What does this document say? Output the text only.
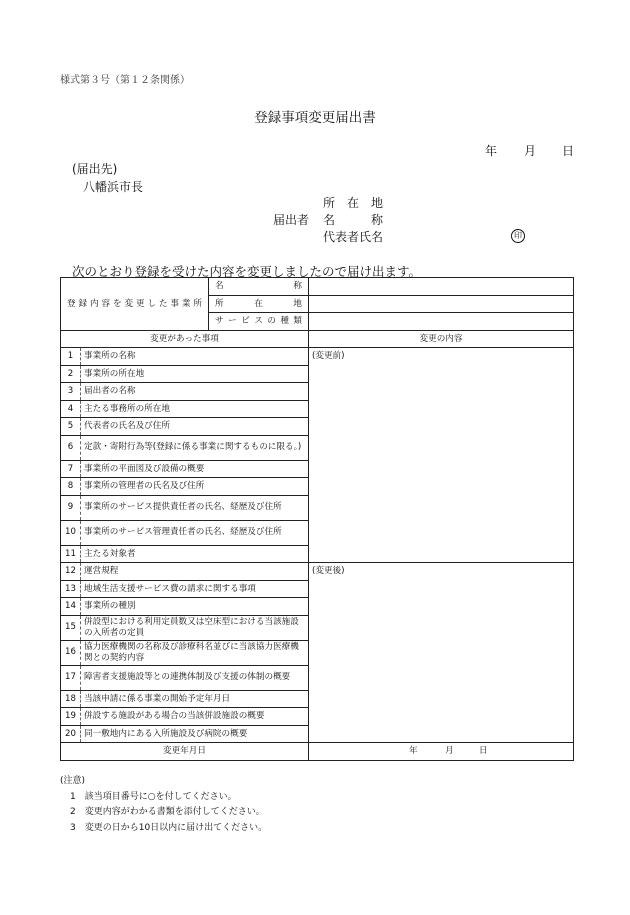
様式第３号（第１２条関係）
登録事項変更届出書
年 月 日
(届出先)
八幡浜市長
所　在　地
届出者 名　　　称
代表者氏名	印
次のとおり登録を受けた内容を変更しましたので届け出ます。
登録内容を変更した事業所		名称	
		所在地	
		サービスの種類	
変更があった事項			変更の内容
1	事業所の名称		(変更前)
2	事業所の所在地		
3	届出者の名称		
4	主たる事務所の所在地		
5	代表者の氏名及び住所		
6	定款・寄附行為等(登録に係る事業に関するものに限る。)		
7	事業所の平面図及び設備の概要		
8	事業所の管理者の氏名及び住所		
9	事業所のサービス提供責任者の氏名、経歴及び住所		
10	事業所のサービス管理責任者の氏名、経歴及び住所		
11	主たる対象者		
12	運営規程		(変更後)
13	地域生活支援サービス費の請求に関する事項		
14	事業所の種別		
15	併設型における利用定員数又は空床型における当該施設の入所者の定員		
16	協力医療機関の名称及び診療科名並びに当該協力医療機関との契約内容		
17	障害者支援施設等との連携体制及び支援の体制の概要		
18	当該申請に係る事業の開始予定年月日		
19	併設する施設がある場合の当該併設施設の概要		
20	同一敷地内にある入所施設及び病院の概要		
変更年月日			年 月 日
(注意)
1　該当項目番号に○を付してください。
2　変更内容がわかる書類を添付してください。
3　変更の日から10日以内に届け出てください。
